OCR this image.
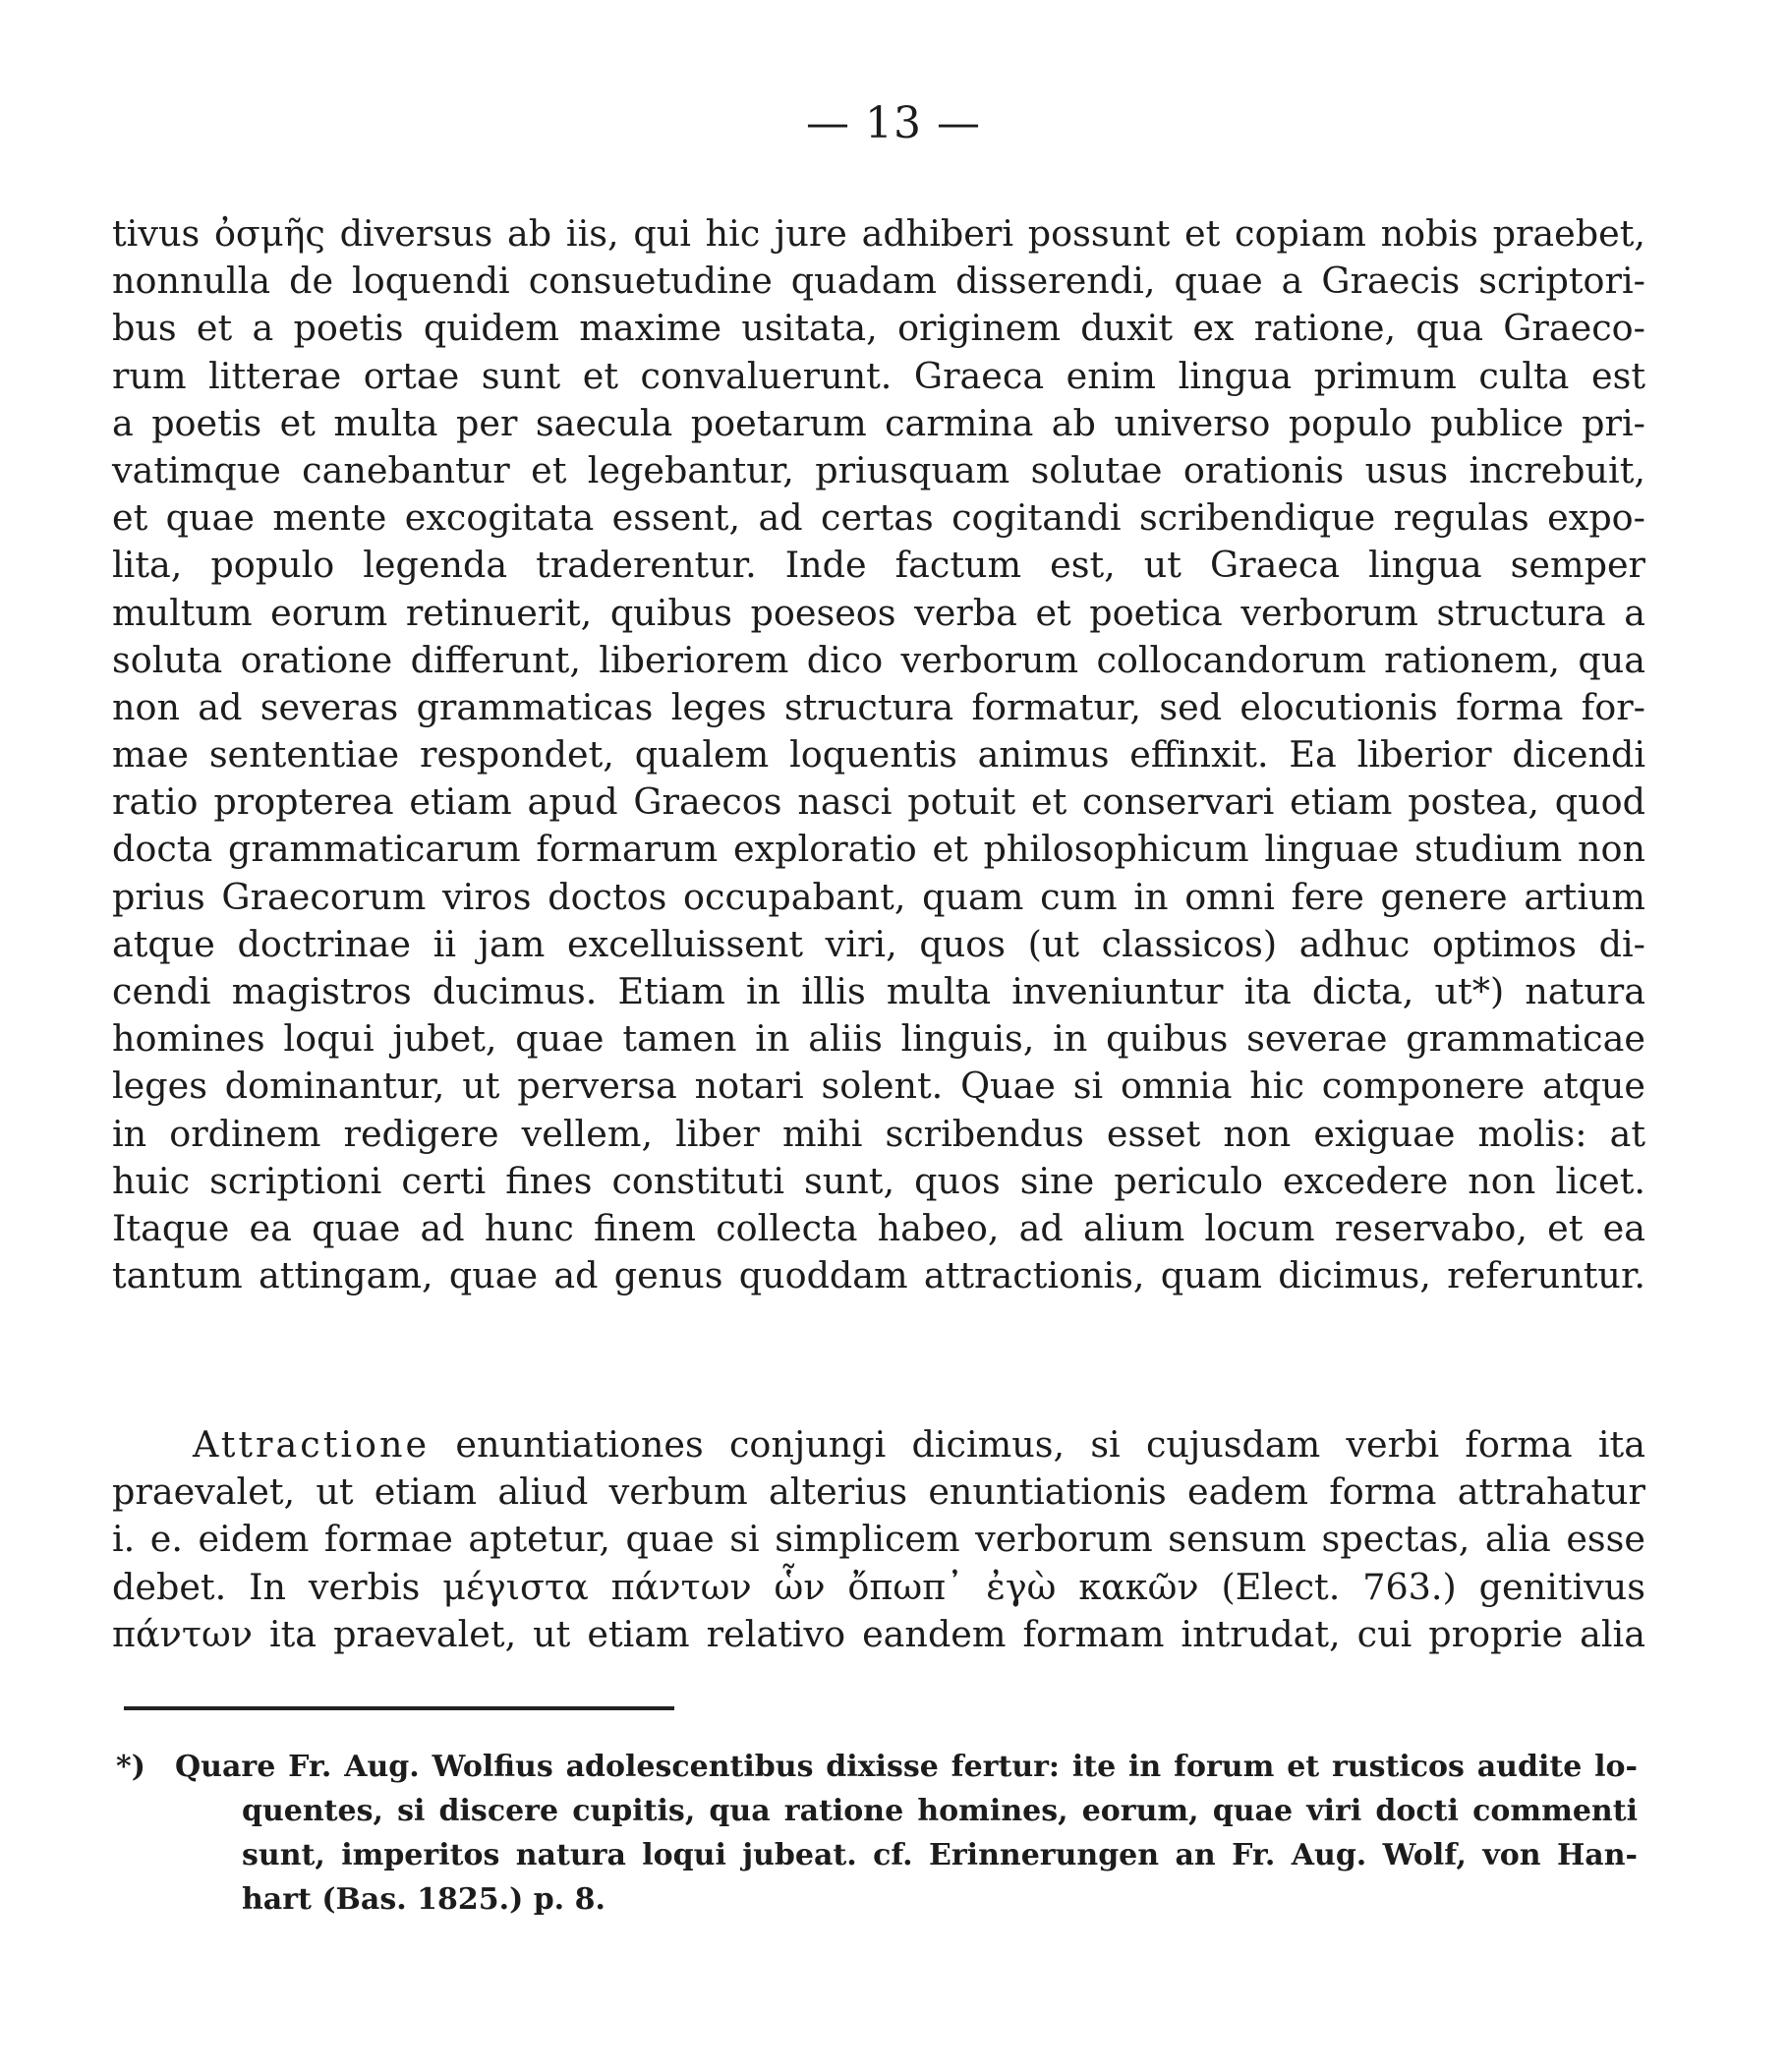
— 13 —
tivus ὀσμῆς diversus ab iis, qui hic jure adhiberi possunt et copiam nobis praebet,
nonnulla de loquendi consuetudine quadam disserendi, quae a Graecis scriptori-
bus et a poetis quidem maxime usitata, originem duxit ex ratione, qua Graeco-
rum litterae ortae sunt et convaluerunt. Graeca enim lingua primum culta est
a poetis et multa per saecula poetarum carmina ab universo populo publice pri-
vatimque canebantur et legebantur, priusquam solutae orationis usus increbuit,
et quae mente excogitata essent, ad certas cogitandi scribendique regulas expo-
lita, populo legenda traderentur. Inde factum est, ut Graeca lingua semper
multum eorum retinuerit, quibus poeseos verba et poetica verborum structura a
soluta oratione differunt, liberiorem dico verborum collocandorum rationem, qua
non ad severas grammaticas leges structura formatur, sed elocutionis forma for-
mae sententiae respondet, qualem loquentis animus effinxit. Ea liberior dicendi
ratio propterea etiam apud Graecos nasci potuit et conservari etiam postea, quod
docta grammaticarum formarum exploratio et philosophicum linguae studium non
prius Graecorum viros doctos occupabant, quam cum in omni fere genere artium
atque doctrinae ii jam excelluissent viri, quos (ut classicos) adhuc optimos di-
cendi magistros ducimus. Etiam in illis multa inveniuntur ita dicta, ut*) natura
homines loqui jubet, quae tamen in aliis linguis, in quibus severae grammaticae
leges dominantur, ut perversa notari solent. Quae si omnia hic componere atque
in ordinem redigere vellem, liber mihi scribendus esset non exiguae molis: at
huic scriptioni certi fines constituti sunt, quos sine periculo excedere non licet.
Itaque ea quae ad hunc finem collecta habeo, ad alium locum reservabo, et ea
tantum attingam, quae ad genus quoddam attractionis, quam dicimus, referuntur.
Attractione enuntiationes conjungi dicimus, si cujusdam verbi forma ita
praevalet, ut etiam aliud verbum alterius enuntiationis eadem forma attrahatur
i. e. eidem formae aptetur, quae si simplicem verborum sensum spectas, alia esse
debet. In verbis μέγιστα πάντων ὧν ὄπωπ᾽ ἐγὼ κακῶν (Elect. 763.) genitivus
πάντων ita praevalet, ut etiam relativo eandem formam intrudat, cui proprie alia
*) Quare Fr. Aug. Wolfius adolescentibus dixisse fertur: ite in forum et rusticos audite lo-
quentes, si discere cupitis, qua ratione homines, eorum, quae viri docti commenti
sunt, imperitos natura loqui jubeat. cf. Erinnerungen an Fr. Aug. Wolf, von Han-
hart (Bas. 1825.) p. 8.
